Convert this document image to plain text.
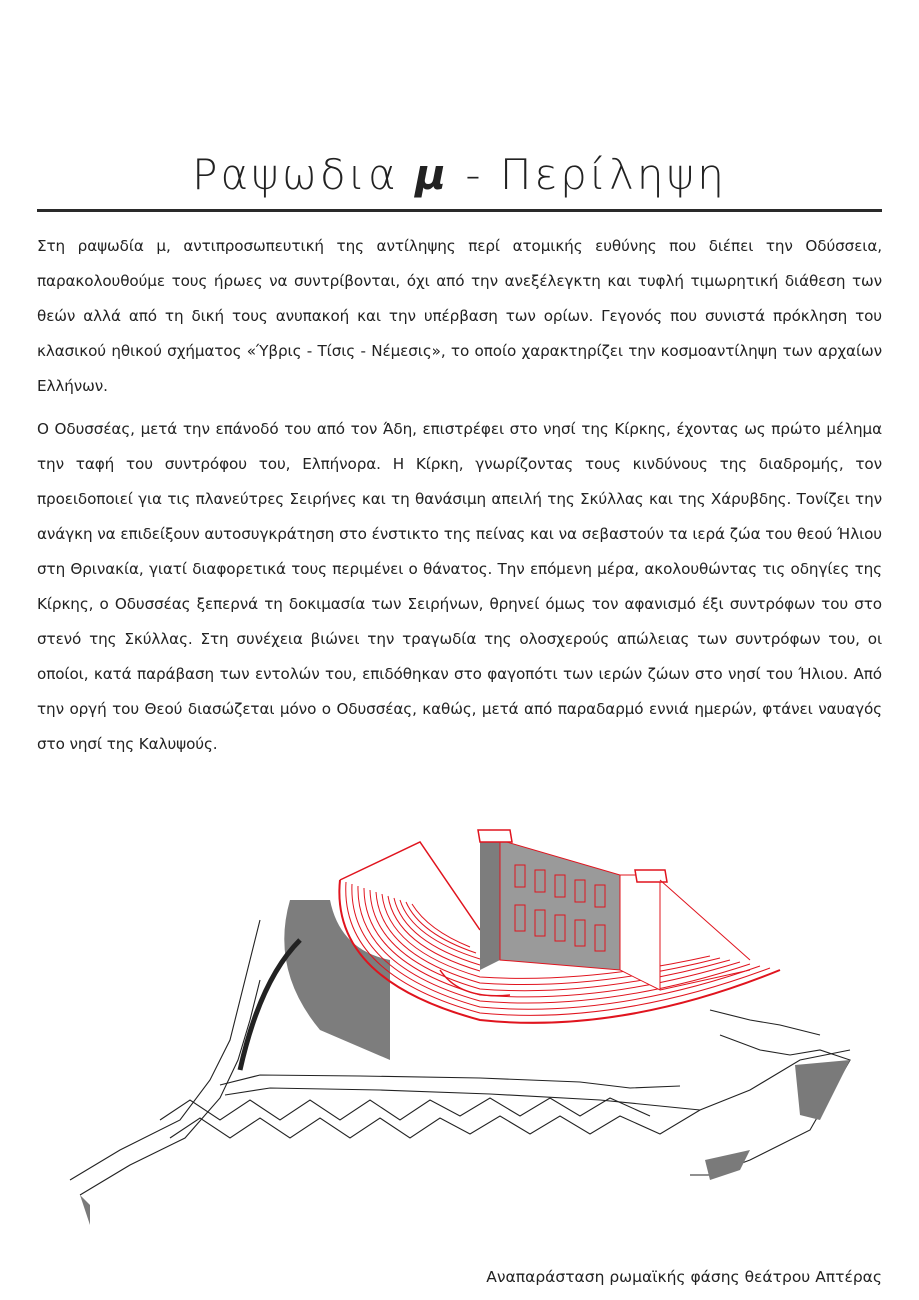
Ραψωδια μ - Περίληψη

Στη ραψωδία μ, αντιπροσωπευτική της αντίληψης περί ατομικής ευθύνης που διέπει την Οδύσσεια, παρακολουθούμε τους ήρωες να συντρίβονται, όχι από την ανεξέλεγκτη και τυφλή τιμωρητική διάθεση των θεών αλλά από τη δική τους ανυπακοή και την υπέρβαση των ορίων. Γεγονός που συνιστά πρόκληση του κλασικού ηθικού σχήματος «Ύβρις - Τίσις - Νέμεσις», το οποίο χαρακτηρίζει την κοσμοαντίληψη των αρχαίων Ελλήνων.

Ο Οδυσσέας, μετά την επάνοδό του από τον Άδη, επιστρέφει στο νησί της Κίρκης, έχοντας ως πρώτο μέλημα την ταφή του συντρόφου του, Ελπήνορα. Η Κίρκη, γνωρίζοντας τους κινδύνους της διαδρομής, τον προειδοποιεί για τις πλανεύτρες Σειρήνες και τη θανάσιμη απειλή της Σκύλλας και της Χάρυβδης. Τονίζει την ανάγκη να επιδείξουν αυτοσυγκράτηση στο ένστικτο της πείνας και να σεβαστούν τα ιερά ζώα του θεού Ήλιου στη Θρινακία, γιατί διαφορετικά τους περιμένει ο θάνατος. Την επόμενη μέρα, ακολουθώντας τις οδηγίες της Κίρκης, ο Οδυσσέας ξεπερνά τη δοκιμασία των Σειρήνων, θρηνεί όμως τον αφανισμό έξι συντρόφων του στο στενό της Σκύλλας. Στη συνέχεια βιώνει την τραγωδία της ολοσχερούς απώλειας των συντρόφων του, οι οποίοι, κατά παράβαση των εντολών του, επιδόθηκαν στο φαγοπότι των ιερών ζώων στο νησί του Ήλιου. Από την οργή του Θεού διασώζεται μόνο ο Οδυσσέας, καθώς, μετά από παραδαρμό εννιά ημερών, φτάνει ναυαγός στο νησί της Καλυψούς.

Αναπαράσταση ρωμαϊκής φάσης θεάτρου Απτέρας
